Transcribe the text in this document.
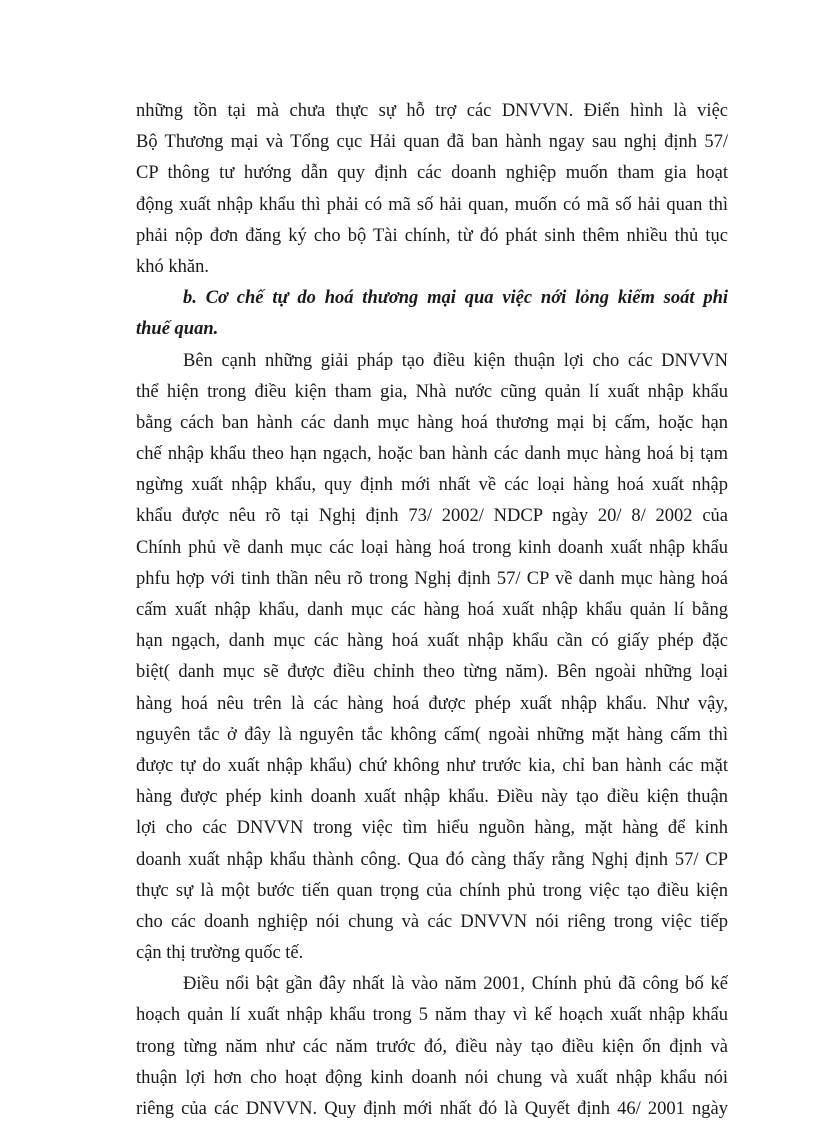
những tồn tại mà chưa thực sự hỗ trợ các DNVVN. Điển hình là việc
Bộ Thương mại và Tổng cục Hải quan đã ban hành ngay sau nghị định 57/
CP thông tư hướng dẫn quy định các doanh nghiệp muốn tham gia hoạt
động xuất nhập khẩu thì phải có mã số hải quan, muốn có mã số hải quan thì
phải nộp đơn đăng ký cho bộ Tài chính, từ đó phát sinh thêm nhiều thủ tục
khó khăn.
b. Cơ chế tự do hoá thương mại qua việc nới lỏng kiểm soát phi
thuế quan.
Bên cạnh những giải pháp tạo điều kiện thuận lợi cho các DNVVN
thể hiện trong điều kiện tham gia, Nhà nước cũng quản lí xuất nhập khẩu
bằng cách ban hành các danh mục hàng hoá thương mại bị cấm, hoặc hạn
chế nhập khẩu theo hạn ngạch, hoặc ban hành các danh mục hàng hoá bị tạm
ngừng xuất nhập khẩu, quy định mới nhất về các loại hàng hoá xuất nhập
khẩu được nêu rõ tại Nghị định 73/ 2002/ NDCP ngày 20/ 8/ 2002 của
Chính phủ về danh mục các loại hàng hoá trong kinh doanh xuất nhập khẩu
phfu hợp với tinh thần nêu rõ trong Nghị định 57/ CP về danh mục hàng hoá
cấm xuất nhập khẩu, danh mục các hàng hoá xuất nhập khẩu quản lí bằng
hạn ngạch, danh mục các hàng hoá xuất nhập khẩu cần có giấy phép đặc
biệt( danh mục sẽ được điều chỉnh theo từng năm). Bên ngoài những loại
hàng hoá nêu trên là các hàng hoá được phép xuất nhập khẩu. Như vậy,
nguyên tắc ở đây là nguyên tắc không cấm( ngoài những mặt hàng cấm thì
được tự do xuất nhập khẩu) chứ không như trước kia, chỉ ban hành các mặt
hàng được phép kinh doanh xuất nhập khẩu. Điều này tạo điều kiện thuận
lợi cho các DNVVN trong việc tìm hiểu nguồn hàng, mặt hàng để kinh
doanh xuất nhập khẩu thành công. Qua đó càng thấy rằng Nghị định 57/ CP
thực sự là một bước tiến quan trọng của chính phủ trong việc tạo điều kiện
cho các doanh nghiệp nói chung và các DNVVN nói riêng trong việc tiếp
cận thị trường quốc tế.
Điều nổi bật gần đây nhất là vào năm 2001, Chính phủ đã công bố kế
hoạch quản lí xuất nhập khẩu trong 5 năm thay vì kế hoạch xuất nhập khẩu
trong từng năm như các năm trước đó, điều này tạo điều kiện ổn định và
thuận lợi hơn cho hoạt động kinh doanh nói chung và xuất nhập khẩu nói
riêng của các DNVVN. Quy định mới nhất đó là Quyết định 46/ 2001 ngày
